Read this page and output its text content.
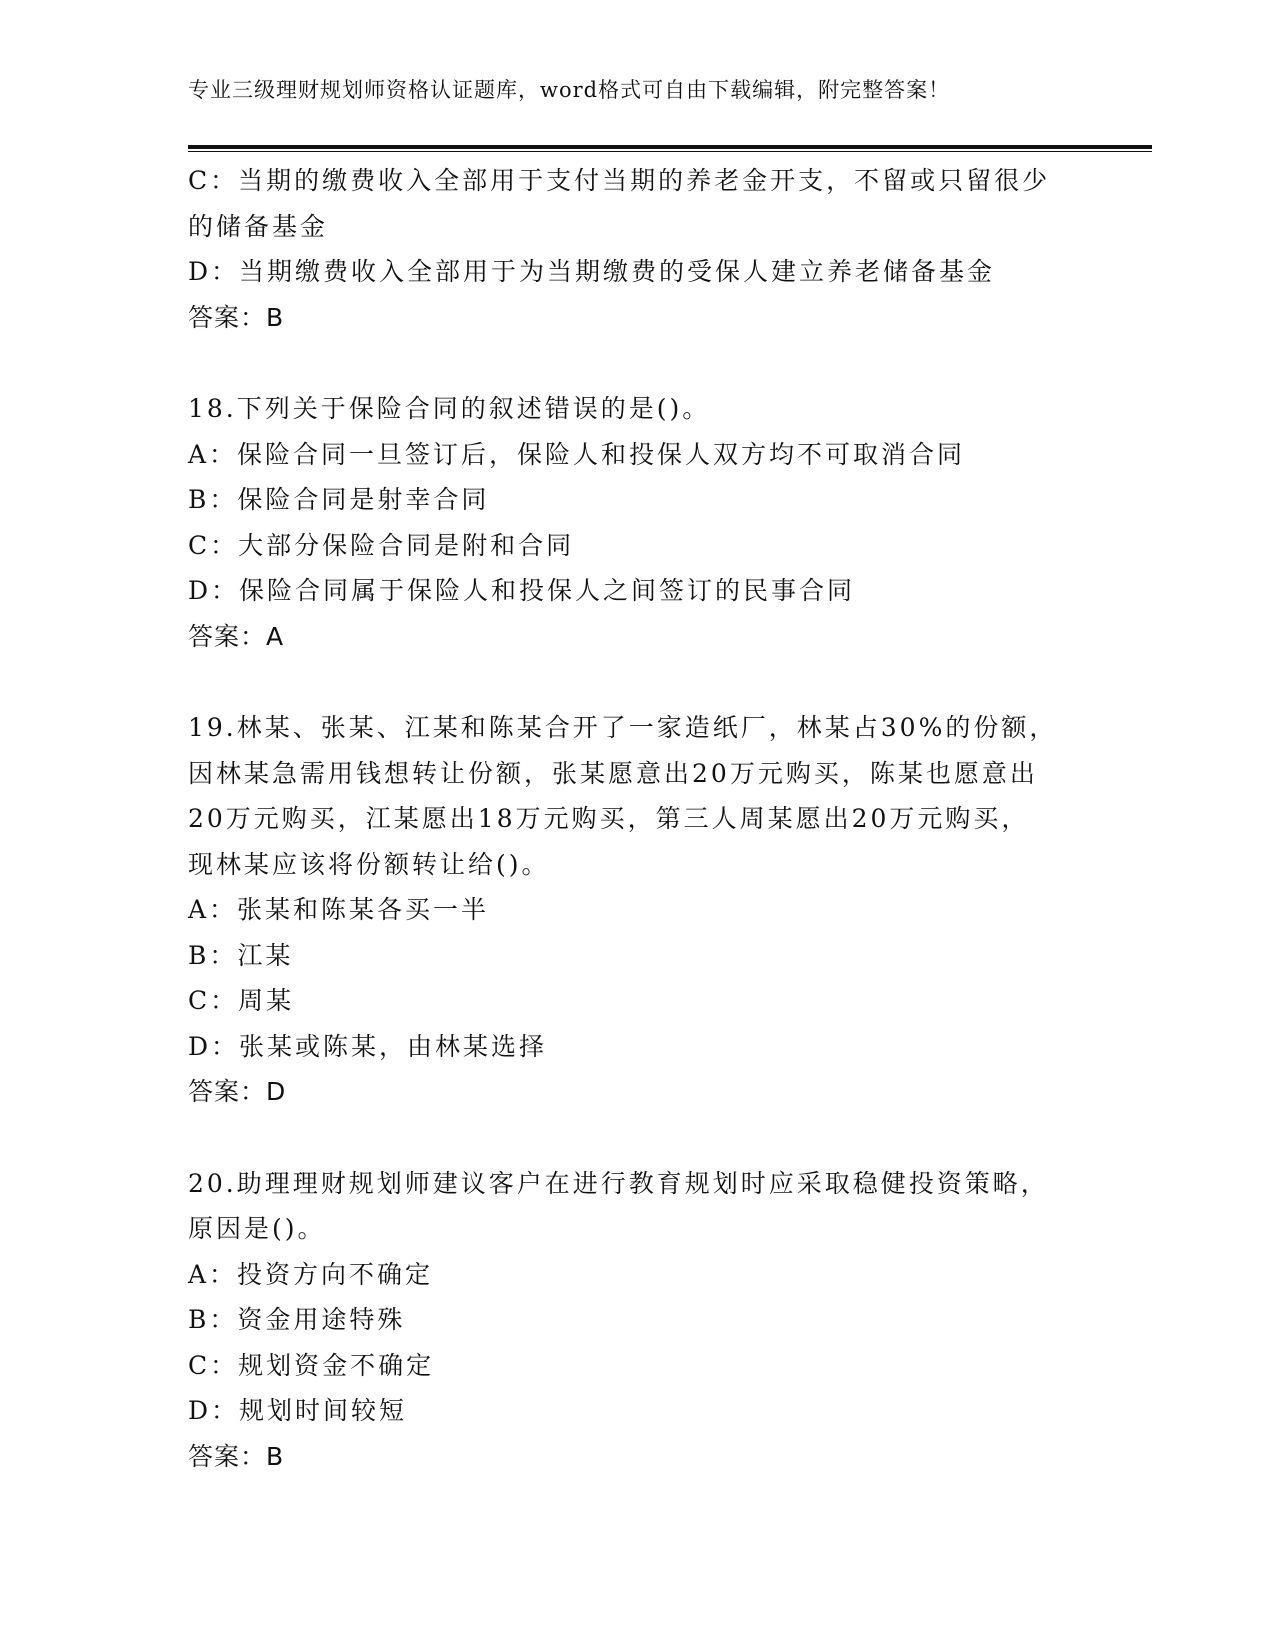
专业三级理财规划师资格认证题库，word格式可自由下载编辑，附完整答案！
C：当期的缴费收入全部用于支付当期的养老金开支，不留或只留很少
的储备基金
D：当期缴费收入全部用于为当期缴费的受保人建立养老储备基金
答案：B
18.下列关于保险合同的叙述错误的是()。
A：保险合同一旦签订后，保险人和投保人双方均不可取消合同
B：保险合同是射幸合同
C：大部分保险合同是附和合同
D：保险合同属于保险人和投保人之间签订的民事合同
答案：A
19.林某、张某、江某和陈某合开了一家造纸厂，林某占30%的份额，
因林某急需用钱想转让份额，张某愿意出20万元购买，陈某也愿意出
20万元购买，江某愿出18万元购买，第三人周某愿出20万元购买，
现林某应该将份额转让给()。
A：张某和陈某各买一半
B：江某
C：周某
D：张某或陈某，由林某选择
答案：D
20.助理理财规划师建议客户在进行教育规划时应采取稳健投资策略，
原因是()。
A：投资方向不确定
B：资金用途特殊
C：规划资金不确定
D：规划时间较短
答案：B
